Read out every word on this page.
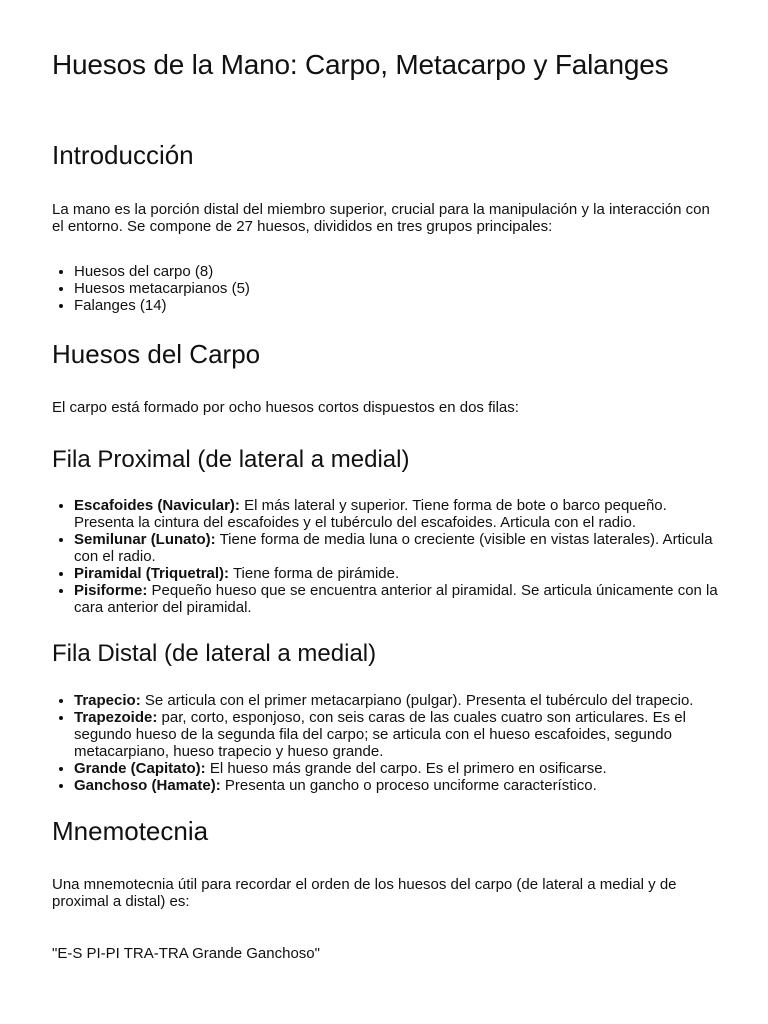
Huesos de la Mano: Carpo, Metacarpo y Falanges
Introducción

La mano es la porción distal del miembro superior, crucial para la manipulación y la interacción con el entorno. Se compone de 27 huesos, divididos en tres grupos principales:

• Huesos del carpo (8)
• Huesos metacarpianos (5)
• Falanges (14)
Huesos del Carpo

El carpo está formado por ocho huesos cortos dispuestos en dos filas:

Fila Proximal (de lateral a medial)
• Escafoides (Navicular): El más lateral y superior. Tiene forma de bote o barco pequeño. Presenta la cintura del escafoides y el tubérculo del escafoides. Articula con el radio.
• Semilunar (Lunato): Tiene forma de media luna o creciente (visible en vistas laterales). Articula con el radio.
• Piramidal (Triquetral): Tiene forma de pirámide.
• Pisiforme: Pequeño hueso que se encuentra anterior al piramidal. Se articula únicamente con la cara anterior del piramidal.
Fila Distal (de lateral a medial)
• Trapecio: Se articula con el primer metacarpiano (pulgar). Presenta el tubérculo del trapecio.
• Trapezoide: par, corto, esponjoso, con seis caras de las cuales cuatro son articulares. Es el segundo hueso de la segunda fila del carpo; se articula con el hueso escafoides, segundo metacarpiano, hueso trapecio y hueso grande.
• Grande (Capitato): El hueso más grande del carpo. Es el primero en osificarse.
• Ganchoso (Hamate): Presenta un gancho o proceso unciforme característico.
Mnemotecnia

Una mnemotecnia útil para recordar el orden de los huesos del carpo (de lateral a medial y de proximal a distal) es:

"E-S PI-PI TRA-TRA Grande Ganchoso"
